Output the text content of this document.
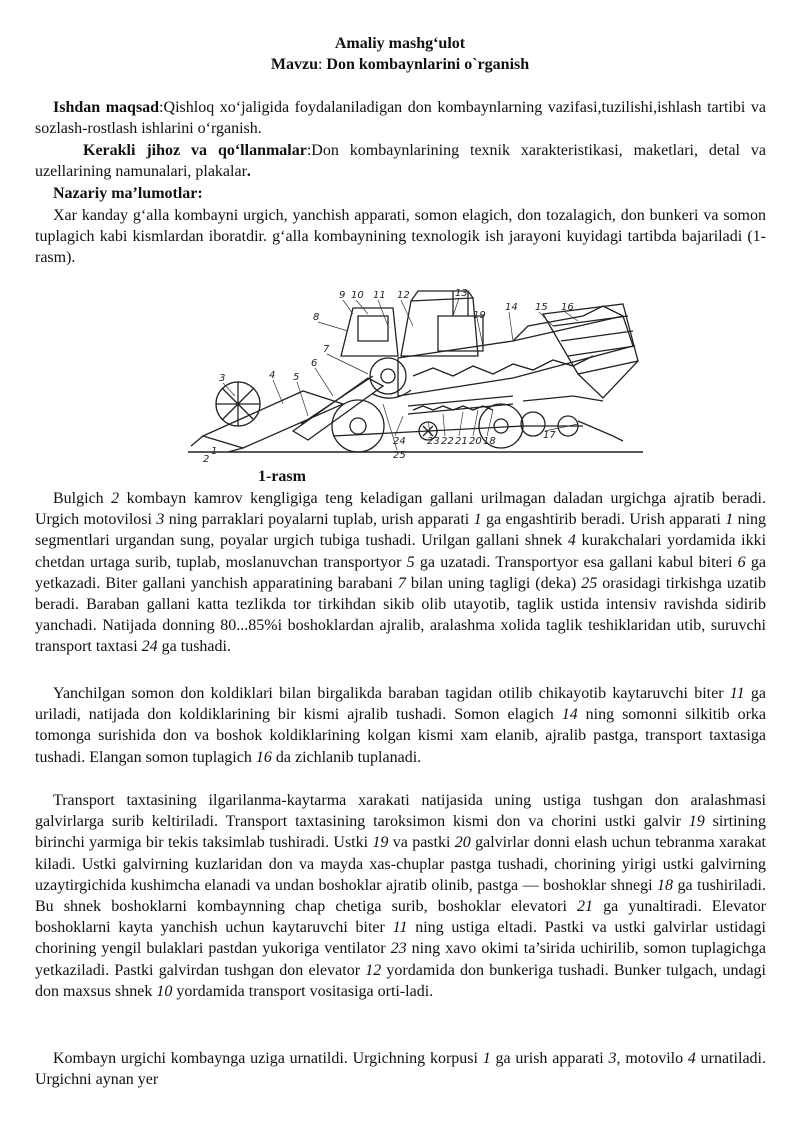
Amaliy mashg‘ulot
Mavzu: Don kombaynlarini o`rganish
Ishdan maqsad:Qishloq xo‘jaligida foydalaniladigan don kombaynlarning vazifasi,tuzilishi,ishlash tartibi va sozlash-rostlash ishlarini o‘rganish.
Kerakli jihoz va qo‘llanmalar:Don kombaynlarining texnik xarakteristikasi, maketlari, detal va uzellarining namunalari, plakalar.
Nazariy ma’lumotlar:
Xar kanday g‘alla kombayni urgich, yanchish apparati, somon elagich, don tozalagich, don bunkeri va somon tuplagich kabi kismlardan iboratdir. g‘alla kombaynining texnologik ish jarayoni kuyidagi tartibda bajariladi (1- rasm).
2
3
1
4 5
6
7
8
9 10 11 12	13
14 15 16
17
18
19
20
21
22
23
24
25
1-rasm
Bulgich 2 kombayn kamrov kengligiga teng keladigan gallani urilmagan daladan urgichga ajratib beradi. Urgich motovilosi 3 ning parraklari poyalarni tuplab, urish apparati 1 ga engashtirib beradi. Urish apparati 1 ning segmentlari urgandan sung, poyalar urgich tubiga tushadi. Urilgan gallani shnek 4 kurakchalari yordamida ikki chetdan urtaga surib, tuplab, moslanuvchan transportyor 5 ga uzatadi. Transportyor esa gallani kabul biteri 6 ga yetkazadi. Biter gallani yanchish apparatining barabani 7 bilan uning tagligi (deka) 25 orasidagi tirkishga uzatib beradi. Baraban gallani katta tezlikda tor tirkihdan sikib olib utayotib, taglik ustida intensiv ravishda sidirib yanchadi. Natijada donning 80...85%i boshoklardan ajralib, aralashma xolida taglik teshiklaridan utib, suruvchi transport taxtasi 24 ga tushadi.
Yanchilgan somon don koldiklari bilan birgalikda baraban tagidan otilib chikayotib kaytaruvchi biter 11 ga uriladi, natijada don koldiklarining bir kismi ajralib tushadi. Somon elagich 14 ning somonni silkitib orka tomonga surishida don va boshok koldiklarining kolgan kismi xam elanib, ajralib pastga, transport taxtasiga tushadi. Elangan somon tuplagich 16 da zichlanib tuplanadi.
Transport taxtasining ilgarilanma-kaytarma xarakati natijasida uning ustiga tushgan don aralashmasi galvirlarga surib keltiriladi. Transport taxtasining taroksimon kismi don va chorini ustki galvir 19 sirtining birinchi yarmiga bir tekis taksimlab tushiradi. Ustki 19 va pastki 20 galvirlar donni elash uchun tebranma xarakat kiladi. Ustki galvirning kuzlaridan don va mayda xas-chuplar pastga tushadi, chorining yirigi ustki galvirning uzaytirgichida kushimcha elanadi va undan boshoklar ajratib olinib, pastga — boshoklar shnegi 18 ga tushiriladi. Bu shnek boshoklarni kombaynning chap chetiga surib, boshoklar elevatori 21 ga yunaltiradi. Elevator boshoklarni kayta yanchish uchun kaytaruvchi biter 11 ning ustiga eltadi. Pastki va ustki galvirlar ustidagi chorining yengil bulaklari pastdan yukoriga ventilator 23 ning xavo okimi ta’sirida uchirilib, somon tuplagichga yetkaziladi. Pastki galvirdan tushgan don elevator 12 yordamida don bunkeriga tushadi. Bunker tulgach, undagi don maxsus shnek 10 yordamida transport vositasiga orti-ladi.
Kombayn urgichi kombaynga uziga urnatildi. Urgichning korpusi 1 ga urish apparati 3, motovilo 4 urnatiladi. Urgichni aynan yer
